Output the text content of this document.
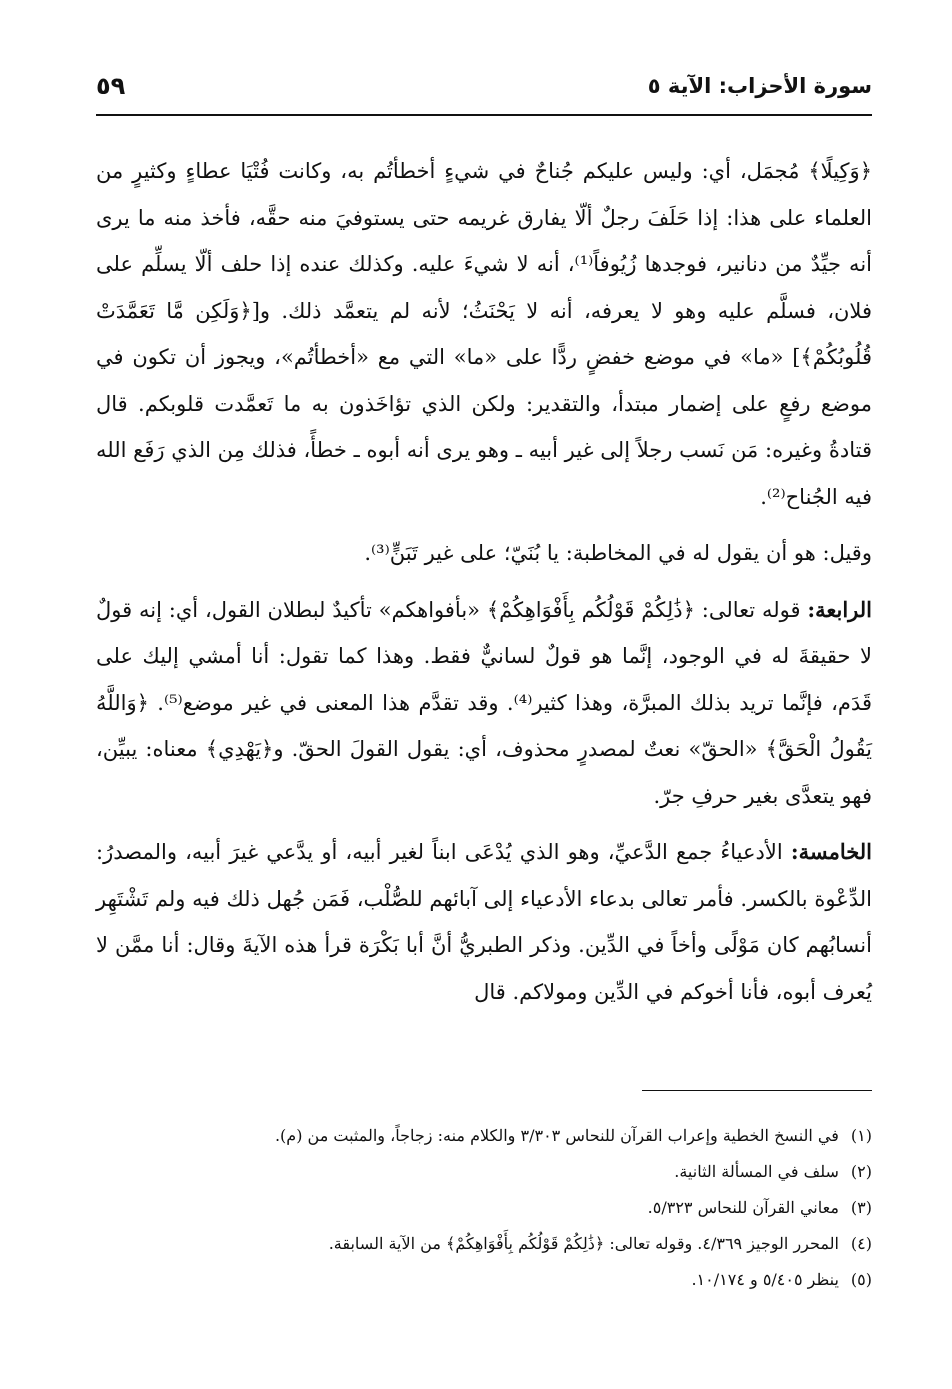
سورة الأحزاب: الآية ٥
٥٩

﴿وَكِيلًا﴾ مُجمَل، أي: وليس عليكم جُناحٌ في شيءٍ أخطأتُم به، وكانت فُتْيَا عطاءٍ وكثيرٍ من العلماء على هذا: إذا حَلَفَ رجلٌ ألّا يفارق غريمه حتى يستوفيَ منه حقَّه، فأخذ منه ما يرى أنه جيِّدٌ من دنانير، فوجدها زُيُوفاً⁽¹⁾، أنه لا شيءَ عليه. وكذلك عنده إذا حلف ألّا يسلِّم على فلان، فسلَّم عليه وهو لا يعرفه، أنه لا يَحْنَثُ؛ لأنه لم يتعمَّد ذلك. و[﴿وَلَكِن مَّا تَعَمَّدَتْ قُلُوبُكُمْ﴾] «ما» في موضع خفضٍ ردًّا على «ما» التي مع «أخطأتُم»، ويجوز أن تكون في موضع رفعٍ على إضمار مبتدأ، والتقدير: ولكن الذي تؤاخَذون به ما تَعمَّدت قلوبكم. قال قتادةُ وغيره: مَن نَسب رجلاً إلى غير أبيه ـ وهو يرى أنه أبوه ـ خطأً، فذلك مِن الذي رَفَع الله فيه الجُناح⁽²⁾.

وقيل: هو أن يقول له في المخاطبة: يا بُنَيّ؛ على غير تَبَنٍّ⁽³⁾.

الرابعة: قوله تعالى: ﴿ذَٰلِكُمْ قَوْلُكُم بِأَفْوَاهِكُمْ﴾ «بأفواهكم» تأكيدٌ لبطلان القول، أي: إنه قولٌ لا حقيقةَ له في الوجود، إنَّما هو قولٌ لسانيٌّ فقط. وهذا كما تقول: أنا أمشي إليك على قَدَم، فإنَّما تريد بذلك المبرَّة، وهذا كثير⁽⁴⁾. وقد تقدَّم هذا المعنى في غير موضع⁽⁵⁾. ﴿وَاللَّهُ يَقُولُ الْحَقَّ﴾ «الحقّ» نعتٌ لمصدرٍ محذوف، أي: يقول القولَ الحقّ. و﴿يَهْدِي﴾ معناه: يبيِّن، فهو يتعدَّى بغير حرفِ جرّ.

الخامسة: الأدعياءُ جمع الدَّعيِّ، وهو الذي يُدْعَى ابناً لغير أبيه، أو يدَّعي غيرَ أبيه، والمصدرُ: الدِّعْوة بالكسر. فأمر تعالى بدعاء الأدعياء إلى آبائهم للصُّلْب، فَمَن جُهل ذلك فيه ولم تَشْتَهِر أنسابُهم كان مَوْلًى وأخاً في الدِّين. وذكر الطبريُّ أنَّ أبا بَكْرَة قرأ هذه الآيةَ وقال: أنا ممَّن لا يُعرف أبوه، فأنا أخوكم في الدِّين ومولاكم. قال

(١)في النسخ الخطية وإعراب القرآن للنحاس ٣/٣٠٣ والكلام منه: زجاجاً، والمثبت من (م).

(٢)سلف في المسألة الثانية.

(٣)معاني القرآن للنحاس ٥/٣٢٣.

(٤)المحرر الوجيز ٤/٣٦٩. وقوله تعالى: ﴿ذَٰلِكُمْ قَوْلُكُم بِأَفْوَاهِكُمْ﴾ من الآية السابقة.

(٥)ينظر ٥/٤٠٥ و ١٠/١٧٤.
